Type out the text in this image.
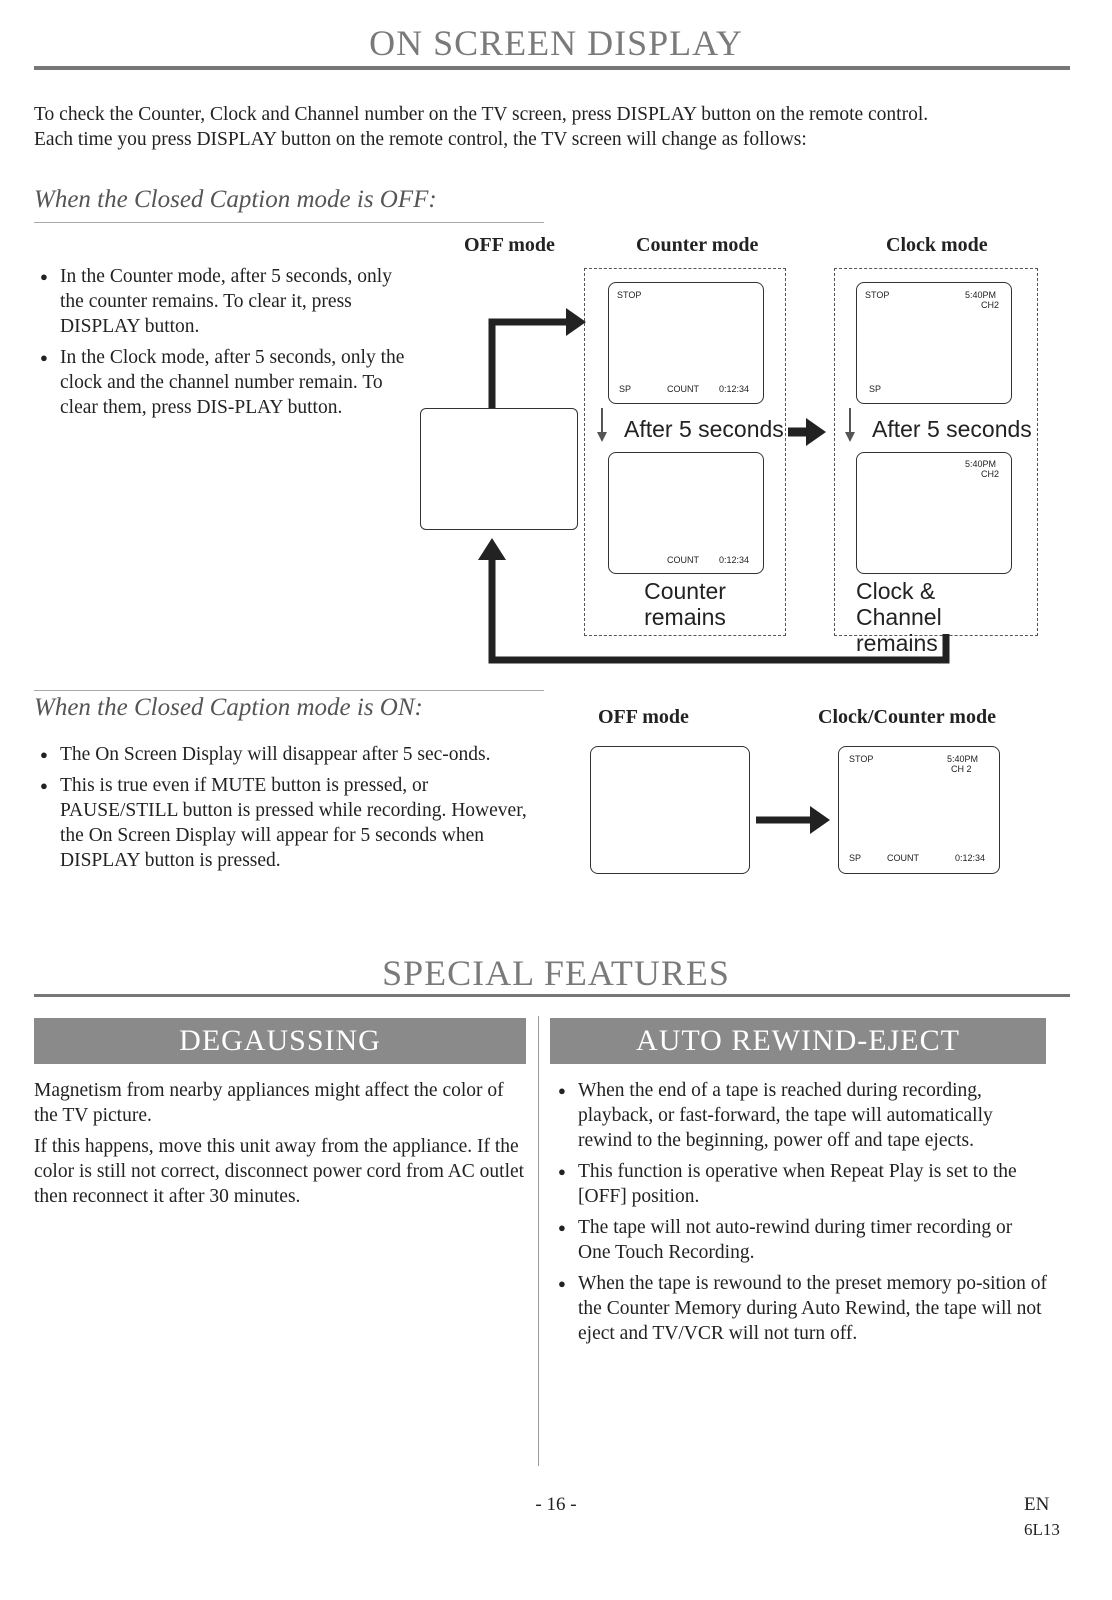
ON SCREEN DISPLAY
To check the Counter, Clock and Channel number on the TV screen, press DISPLAY button on the remote control.
Each time you press DISPLAY button on the remote control, the TV screen will change as follows:
When the Closed Caption mode is OFF:
● In the Counter mode, after 5 seconds, only the counter remains. To clear it, press DISPLAY button.
● In the Clock mode, after 5 seconds, only the clock and the channel number remain. To clear them, press DIS-PLAY button.
OFF mode	Counter mode	Clock mode
STOP
SP	COUNT 0:12:34
STOP	5:40PM
CH2
SP
After 5 seconds	After 5 seconds
COUNT 0:12:34
5:40PM
CH2
Counter
remains
Clock & Channel
remains
When the Closed Caption mode is ON:
● The On Screen Display will disappear after 5 sec-onds.
● This is true even if MUTE button is pressed, or PAUSE/STILL button is pressed while recording. However, the On Screen Display will appear for 5 seconds when DISPLAY button is pressed.
OFF mode	Clock/Counter mode
STOP	5:40PM
CH 2
SP	COUNT	0:12:34
SPECIAL FEATURES
DEGAUSSING
Magnetism from nearby appliances might affect the color of the TV picture.
If this happens, move this unit away from the appliance. If the color is still not correct, disconnect power cord from AC outlet then reconnect it after 30 minutes.
AUTO REWIND-EJECT
● When the end of a tape is reached during recording, playback, or fast-forward, the tape will automatically rewind to the beginning, power off and tape ejects.
● This function is operative when Repeat Play is set to the [OFF] position.
● The tape will not auto-rewind during timer recording or One Touch Recording.
● When the tape is rewound to the preset memory po-sition of the Counter Memory during Auto Rewind, the tape will not eject and TV/VCR will not turn off.
- 16 -	EN
6L13
